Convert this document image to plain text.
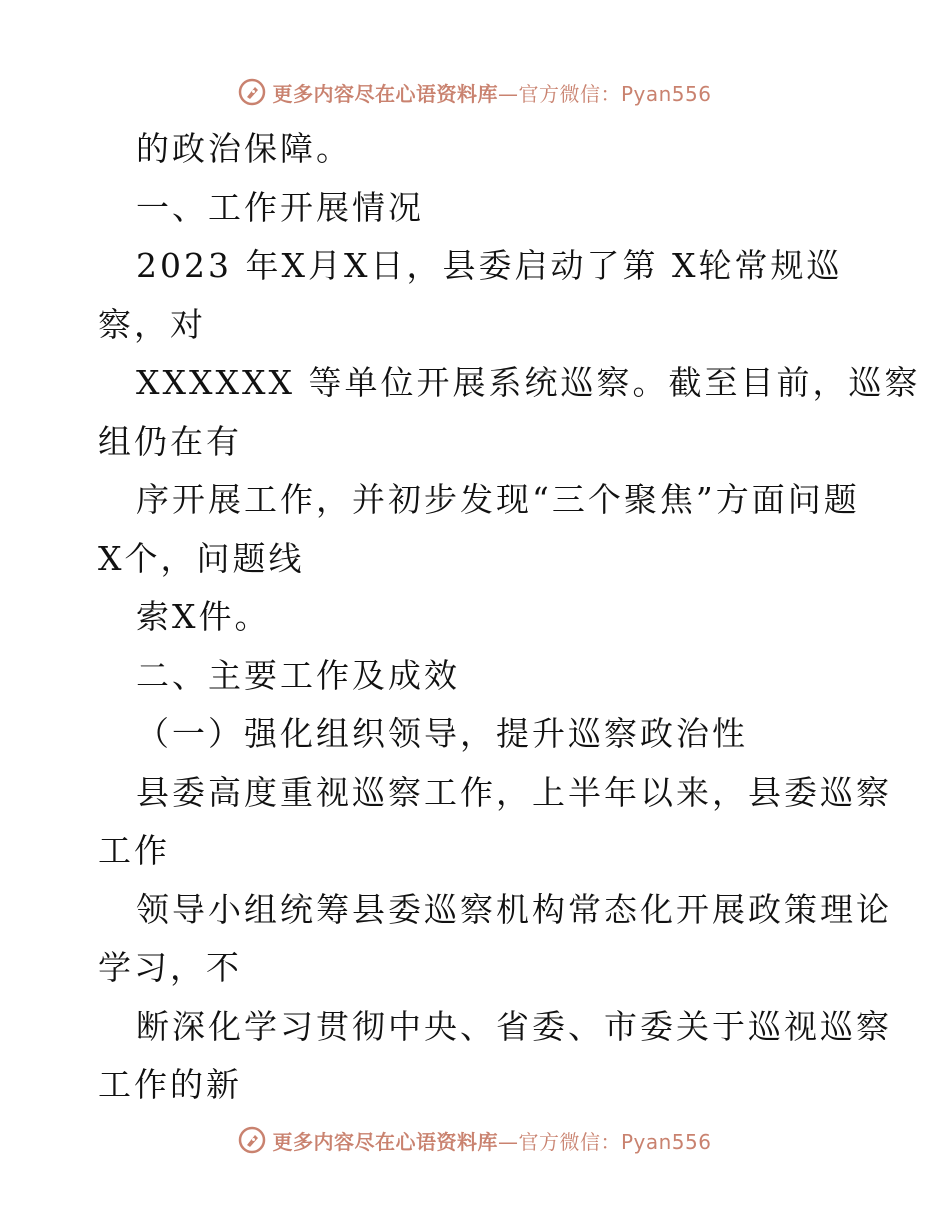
更多内容尽在心语资料库—官方微信：Pyan556
的政治保障。
一、工作开展情况
2023 年X月X日，县委启动了第 X轮常规巡
察，对
XXXXXX 等单位开展系统巡察。截至目前，巡察
组仍在有
序开展工作，并初步发现“三个聚焦”方面问题
X个，问题线
索X件。
二、主要工作及成效
（一）强化组织领导，提升巡察政治性
县委高度重视巡察工作，上半年以来，县委巡察
工作
领导小组统筹县委巡察机构常态化开展政策理论
学习，不
断深化学习贯彻中央、省委、市委关于巡视巡察
工作的新
更多内容尽在心语资料库—官方微信：Pyan556
